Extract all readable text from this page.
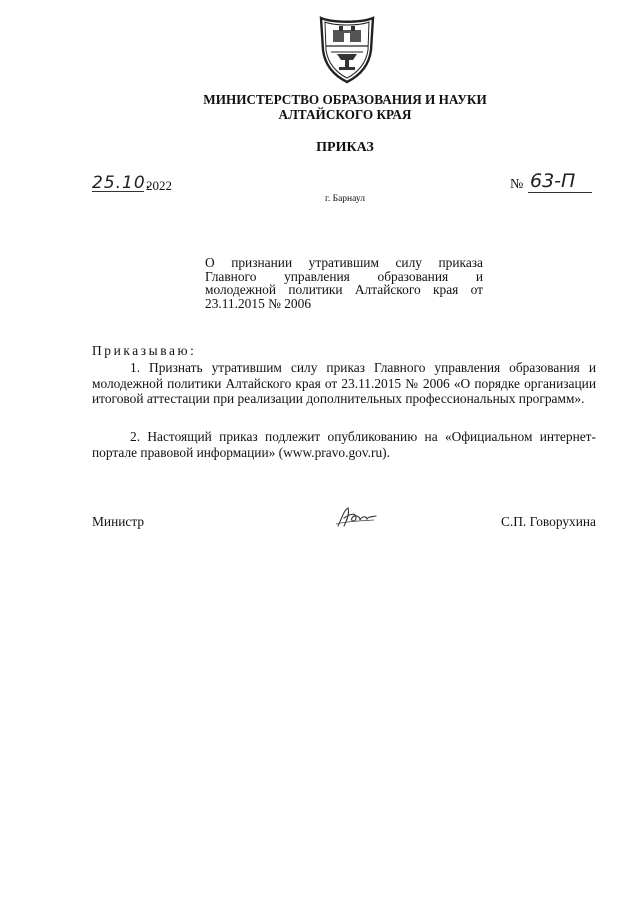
МИНИСТЕРСТВО ОБРАЗОВАНИЯ И НАУКИ
АЛТАЙСКОГО КРАЯ
ПРИКАЗ
25.10.
2022	№ 63-П
г. Барнаул
О признании утратившим силу приказа Главного управления образования и молодежной политики Алтайского края от 23.11.2015 № 2006
Приказываю:
1. Признать утратившим силу приказ Главного управления образования и молодежной политики Алтайского края от 23.11.2015 № 2006 «О порядке организации итоговой аттестации при реализации дополнительных профессиональных программ».
2. Настоящий приказ подлежит опубликованию на «Официальном интернет-портале правовой информации» (www.pravo.gov.ru).
Министр	С.П. Говорухина
